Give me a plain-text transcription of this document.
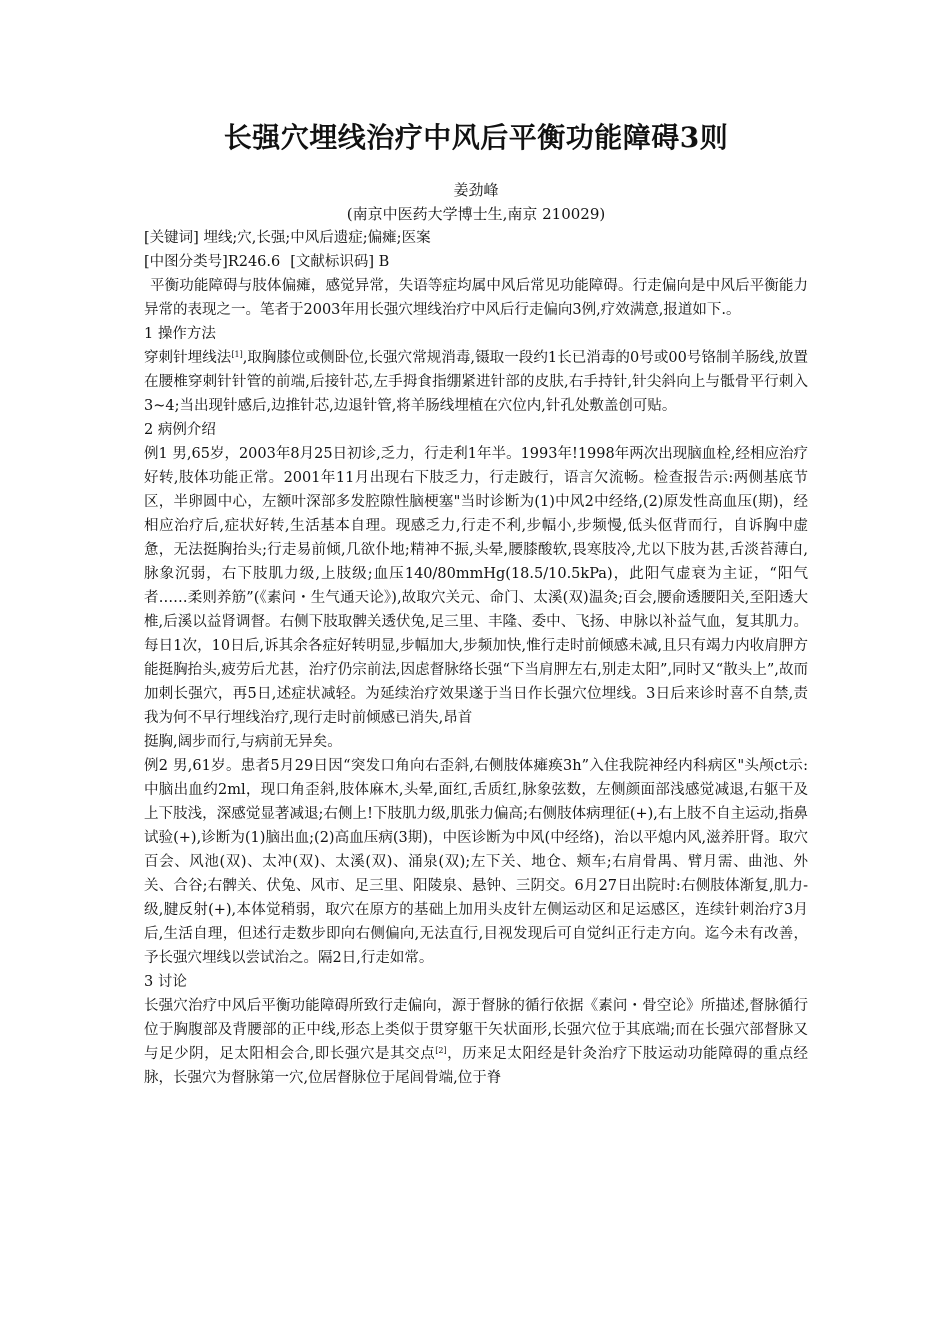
长强穴埋线治疗中风后平衡功能障碍3则

姜劲峰

(南京中医药大学博士生,南京 210029)

[关键词] 埋线;穴,长强;中风后遗症;偏瘫;医案

[中图分类号]R246.6 [文献标识码] B

平衡功能障碍与肢体偏瘫，感觉异常，失语等症均属中风后常见功能障碍。行走偏向是中风后平衡能力异常的表现之一。笔者于2003年用长强穴埋线治疗中风后行走偏向3例,疗效满意,报道如下.。

1 操作方法

穿刺针埋线法[1],取胸膝位或侧卧位,长强穴常规消毒,镊取一段约1长已消毒的0号或00号铬制羊肠线,放置在腰椎穿刺针针管的前端,后接针芯,左手拇食指绷紧进针部的皮肤,右手持针,针尖斜向上与骶骨平行刺入3~4;当出现针感后,边推针芯,边退针管,将羊肠线埋植在穴位内,针孔处敷盖创可贴。

2 病例介绍

例1 男,65岁，2003年8月25日初诊,乏力，行走利1年半。1993年!1998年两次出现脑血栓,经相应治疗好转,肢体功能正常。2001年11月出现右下肢乏力，行走跛行，语言欠流畅。检查报告示:两侧基底节区，半卵圆中心，左额叶深部多发腔隙性脑梗塞"当时诊断为(1)中风2中经络,(2)原发性高血压(期)，经相应治疗后,症状好转,生活基本自理。现感乏力,行走不利,步幅小,步频慢,低头伛背而行，自诉胸中虚惫，无法挺胸抬头;行走易前倾,几欲仆地;精神不振,头晕,腰膝酸软,畏寒肢冷,尤以下肢为甚,舌淡苔薄白,脉象沉弱，右下肢肌力级,上肢级;血压140/80mmHg(18.5/10.5kPa)，此阳气虚衰为主证，“阳气者……柔则养筋”(《素问・生气通天论》),故取穴关元、命门、太溪(双)温灸;百会,腰俞透腰阳关,至阳透大椎,后溪以益肾调督。右侧下肢取髀关透伏兔,足三里、丰隆、委中、飞扬、申脉以补益气血，复其肌力。每日1次，10日后,诉其余各症好转明显,步幅加大,步频加快,惟行走时前倾感未减,且只有竭力内收肩胛方能挺胸抬头,疲劳后尤甚，治疗仍宗前法,因虑督脉络长强“下当肩胛左右,别走太阳”,同时又“散头上”,故而加刺长强穴，再5日,述症状减轻。为延续治疗效果遂于当日作长强穴位埋线。3日后来诊时喜不自禁,责我为何不早行埋线治疗,现行走时前倾感已消失,昂首

挺胸,阔步而行,与病前无异矣。

例2 男,61岁。患者5月29日因“突发口角向右歪斜,右侧肢体瘫痪3h”入住我院神经内科病区"头颅ct示:中脑出血约2ml，现口角歪斜,肢体麻木,头晕,面红,舌质红,脉象弦数，左侧颜面部浅感觉减退,右躯干及上下肢浅，深感觉显著减退;右侧上!下肢肌力级,肌张力偏高;右侧肢体病理征(+),右上肢不自主运动,指鼻试验(+),诊断为(1)脑出血;(2)高血压病(3期)，中医诊断为中风(中经络)，治以平熄内风,滋养肝肾。取穴百会、风池(双)、太冲(双)、太溪(双)、涌泉(双);左下关、地仓、颊车;右肩骨禺、臂月需、曲池、外关、合谷;右髀关、伏兔、风市、足三里、阳陵泉、悬钟、三阴交。6月27日出院时:右侧肢体渐复,肌力-级,腱反射(+),本体觉稍弱，取穴在原方的基础上加用头皮针左侧运动区和足运感区，连续针刺治疗3月后,生活自理，但述行走数步即向右侧偏向,无法直行,目视发现后可自觉纠正行走方向。迄今未有改善，予长强穴埋线以尝试治之。隔2日,行走如常。

3 讨论

长强穴治疗中风后平衡功能障碍所致行走偏向，源于督脉的循行依据《素问・骨空论》所描述,督脉循行位于胸腹部及背腰部的正中线,形态上类似于贯穿躯干矢状面形,长强穴位于其底端;而在长强穴部督脉又与足少阴，足太阳相会合,即长强穴是其交点[2]，历来足太阳经是针灸治疗下肢运动功能障碍的重点经脉，长强穴为督脉第一穴,位居督脉位于尾闾骨端,位于脊
